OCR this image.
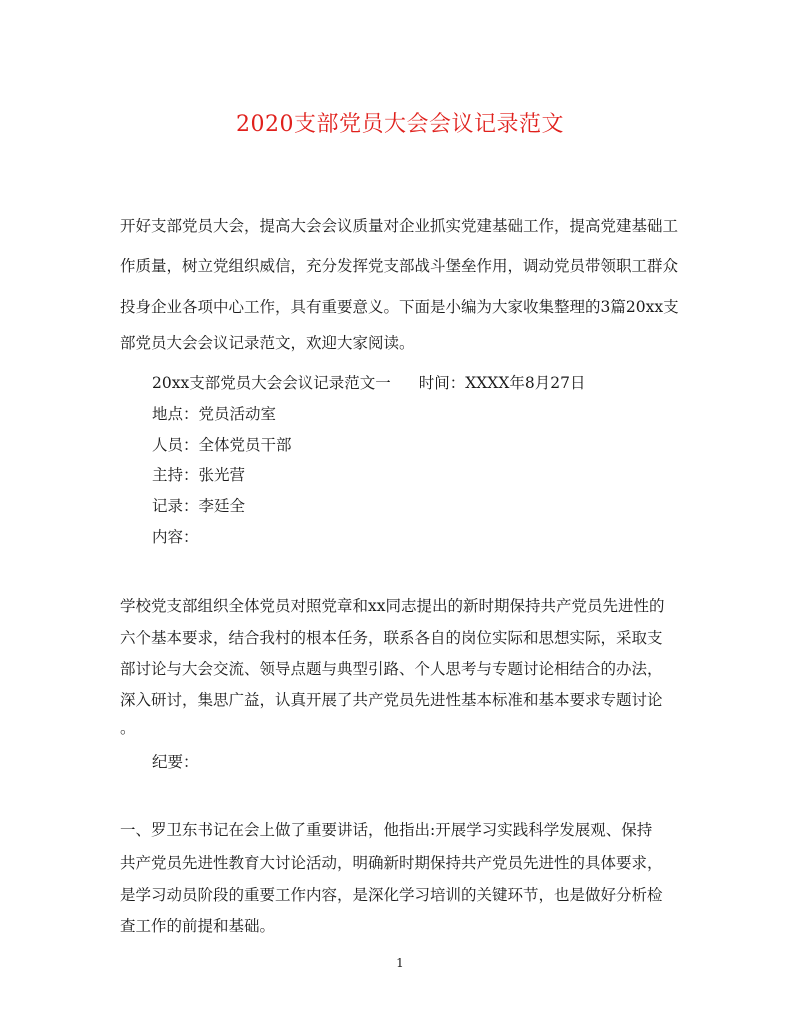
2020支部党员大会会议记录范文
开好支部党员大会，提高大会会议质量对企业抓实党建基础工作，提高党建基础工
作质量，树立党组织威信，充分发挥党支部战斗堡垒作用，调动党员带领职工群众
投身企业各项中心工作，具有重要意义。下面是小编为大家收集整理的3篇20xx支
部党员大会会议记录范文，欢迎大家阅读。
20xx支部党员大会会议记录范文一 时间：XXXX年8月27日
地点：党员活动室
人员：全体党员干部
主持：张光营
记录：李廷全
内容：
学校党支部组织全体党员对照党章和xx同志提出的新时期保持共产党员先进性的
六个基本要求，结合我村的根本任务，联系各自的岗位实际和思想实际，采取支
部讨论与大会交流、领导点题与典型引路、个人思考与专题讨论相结合的办法，
深入研讨，集思广益，认真开展了共产党员先进性基本标准和基本要求专题讨论
。
纪要：
一、罗卫东书记在会上做了重要讲话，他指出:开展学习实践科学发展观、保持
共产党员先进性教育大讨论活动，明确新时期保持共产党员先进性的具体要求，
是学习动员阶段的重要工作内容，是深化学习培训的关键环节，也是做好分析检
查工作的前提和基础。
1
